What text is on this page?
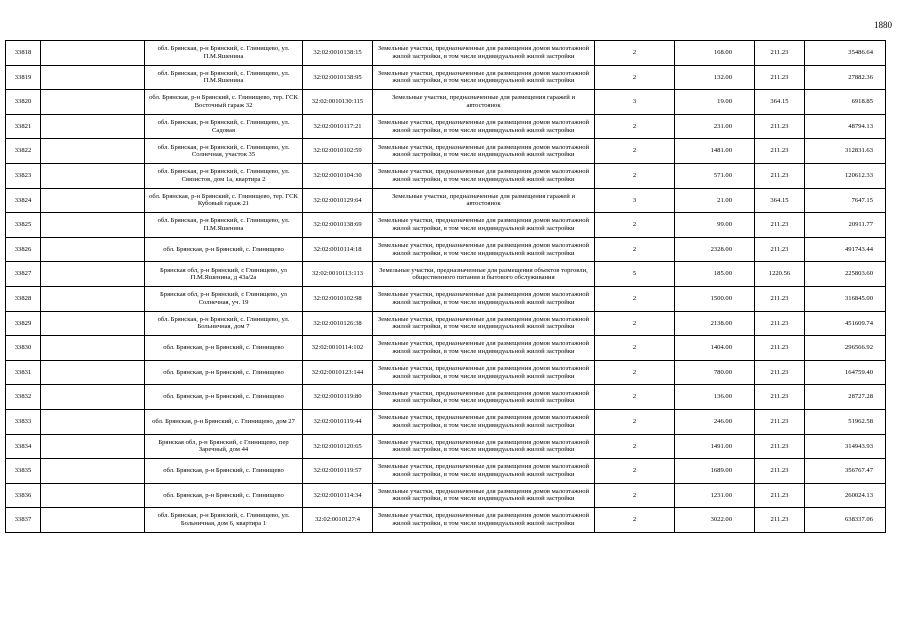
1880
33818		обл. Брянская, р-н Брянский, с. Глинищево, ул. П.М.Яшенина	32:02:0010138:15	Земельные участки, предназначенные для размещения домов малоэтажной жилой застройки, в том числе индивидуальной жилой застройки	2	168.00	211.23	35486.64
33819		обл. Брянская, р-н Брянский, с. Глинищево, ул. П.М.Яшенина	32:02:0010138:95	Земельные участки, предназначенные для размещения домов малоэтажной жилой застройки, в том числе индивидуальной жилой застройки	2	132.00	211.23	27882.36
33820		обл. Брянская, р-н Брянский, с. Глинищево, тер. ГСК Восточный гараж 32	32:02:0010130:115	Земельные участки, предназначенные для размещения гаражей и автостоянок	3	19.00	364.15	6918.85
33821		обл. Брянская, р-н Брянский, с. Глинищево, ул. Садовая	32:02:0010117:21	Земельные участки, предназначенные для размещения домов малоэтажной жилой застройки, в том числе индивидуальной жилой застройки	2	231.00	211.23	48794.13
33822		обл. Брянская, р-н Брянский, с. Глинищево, ул. Солнечная, участок 35	32:02:0010102:59	Земельные участки, предназначенные для размещения домов малоэтажной жилой застройки, в том числе индивидуальной жилой застройки	2	1481.00	211.23	312831.63
33823		обл. Брянская, р-н Брянский, с. Глинищево, ул. Связистов, дом 1а, квартира 2	32:02:0010104:30	Земельные участки, предназначенные для размещения домов малоэтажной жилой застройки, в том числе индивидуальной жилой застройки	2	571.00	211.23	120612.33
33824		обл. Брянская, р-н Брянский, с. Глинищево, тер. ГСК Кубовый гараж 21	32:02:0010129:64	Земельные участки, предназначенные для размещения гаражей и автостоянок	3	21.00	364.15	7647.15
33825		обл. Брянская, р-н Брянский, с. Глинищево, ул. П.М.Яшенина	32:02:0010138:69	Земельные участки, предназначенные для размещения домов малоэтажной жилой застройки, в том числе индивидуальной жилой застройки	2	99.00	211.23	20911.77
33826		обл. Брянская, р-н Брянский, с. Глинищево	32:02:0010114:18	Земельные участки, предназначенные для размещения домов малоэтажной жилой застройки, в том числе индивидуальной жилой застройки	2	2328.00	211.23	491743.44
33827		Брянская обл, р-н Брянский, с Глинищево, ул П.М.Яшенина, д 43а/2а	32:02:0010113:113	Земельные участки, предназначенные для размещения объектов торговли, общественного питания и бытового обслуживания	5	185.00	1220.56	225803.60
33828		Брянская обл, р-н Брянский, с Глинищево, ул Солнечная, уч. 19	32:02:0010102:98	Земельные участки, предназначенные для размещения домов малоэтажной жилой застройки, в том числе индивидуальной жилой застройки	2	1500.00	211.23	316845.00
33829		обл. Брянская, р-н Брянский, с. Глинищево, ул. Больничная, дом 7	32:02:0010126:38	Земельные участки, предназначенные для размещения домов малоэтажной жилой застройки, в том числе индивидуальной жилой застройки	2	2138.00	211.23	451609.74
33830		обл. Брянская, р-н Брянский, с. Глинищево	32:02:0010114:102	Земельные участки, предназначенные для размещения домов малоэтажной жилой застройки, в том числе индивидуальной жилой застройки	2	1404.00	211.23	296566.92
33831		обл. Брянская, р-н Брянский, с. Глинищево	32:02:0010123:144	Земельные участки, предназначенные для размещения домов малоэтажной жилой застройки, в том числе индивидуальной жилой застройки	2	780.00	211.23	164759.40
33832		обл. Брянская, р-н Брянский, с. Глинищево	32:02:0010119:80	Земельные участки, предназначенные для размещения домов малоэтажной жилой застройки, в том числе индивидуальной жилой застройки	2	136.00	211.23	28727.28
33833		обл. Брянская, р-н Брянский, с. Глинищево, дом 27	32:02:0010119:44	Земельные участки, предназначенные для размещения домов малоэтажной жилой застройки, в том числе индивидуальной жилой застройки	2	246.00	211.23	51962.58
33834		Брянская обл, р-н Брянский, с Глинищево, пер Заречный, дом 44	32:02:0010120:65	Земельные участки, предназначенные для размещения домов малоэтажной жилой застройки, в том числе индивидуальной жилой застройки	2	1491.00	211.23	314943.93
33835		обл. Брянская, р-н Брянский, с. Глинищево	32:02:0010119:57	Земельные участки, предназначенные для размещения домов малоэтажной жилой застройки, в том числе индивидуальной жилой застройки	2	1689.00	211.23	356767.47
33836		обл. Брянская, р-н Брянский, с. Глинищево	32:02:0010114:34	Земельные участки, предназначенные для размещения домов малоэтажной жилой застройки, в том числе индивидуальной жилой застройки	2	1231.00	211.23	260024.13
33837		обл. Брянская, р-н Брянский, с. Глинищево, ул. Больничная, дом 6, квартира 1	32:02:0010127:4	Земельные участки, предназначенные для размещения домов малоэтажной жилой застройки, в том числе индивидуальной жилой застройки	2	3022.00	211.23	638337.06
